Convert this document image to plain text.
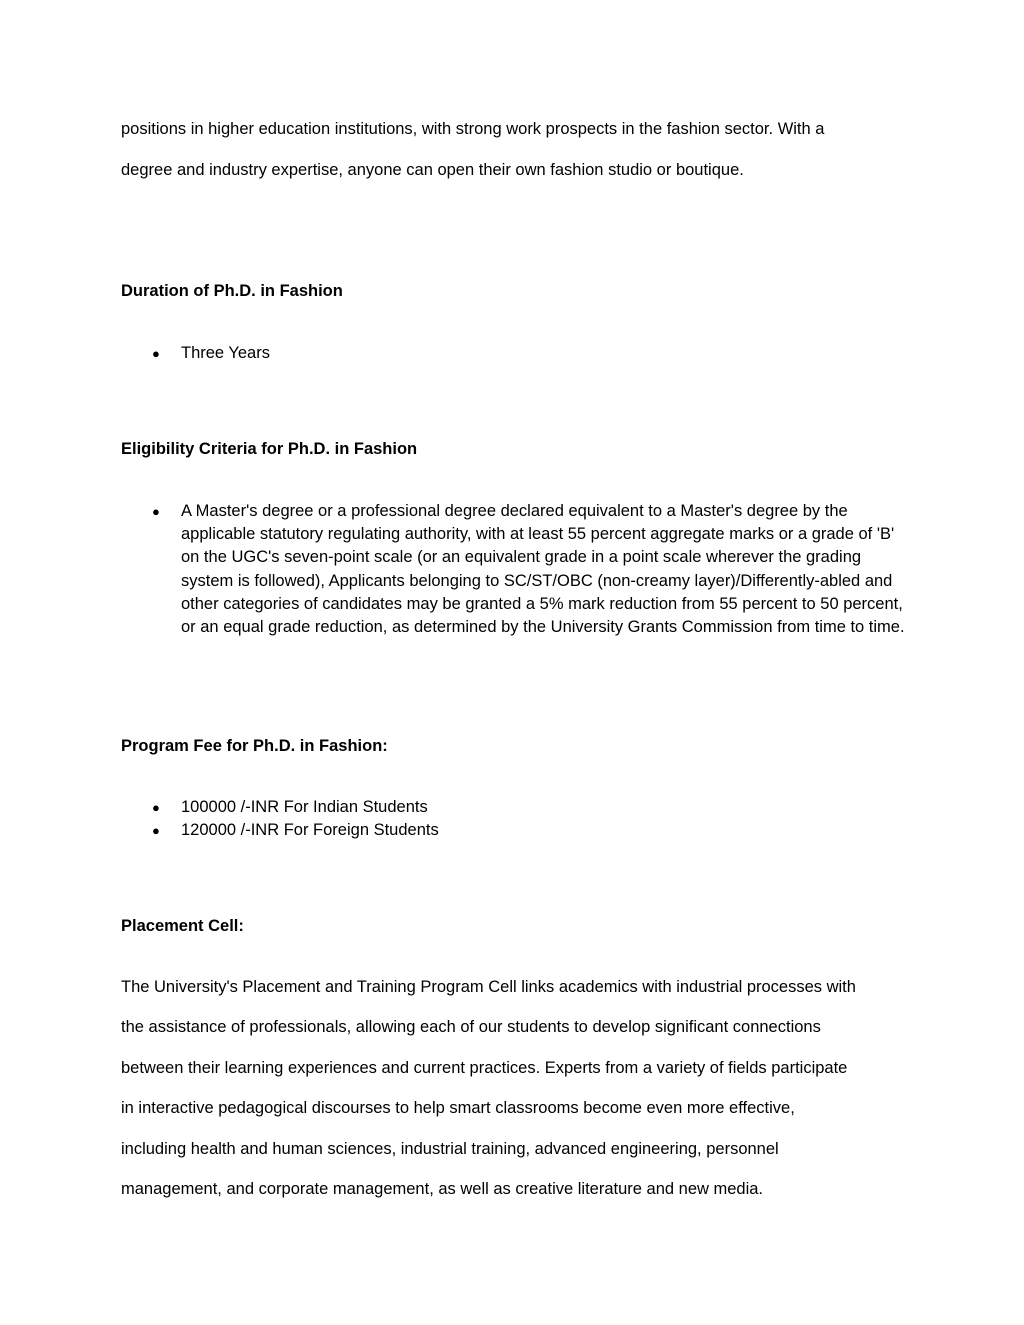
positions in higher education institutions, with strong work prospects in the fashion sector. With a
degree and industry expertise, anyone can open their own fashion studio or boutique.
Duration of Ph.D. in Fashion
● Three Years
Eligibility Criteria for Ph.D. in Fashion
● A Master's degree or a professional degree declared equivalent to a Master's degree by the applicable statutory regulating authority, with at least 55 percent aggregate marks or a grade of 'B' on the UGC's seven-point scale (or an equivalent grade in a point scale wherever the grading system is followed), Applicants belonging to SC/ST/OBC (non-creamy layer)/Differently-abled and other categories of candidates may be granted a 5% mark reduction from 55 percent to 50 percent, or an equal grade reduction, as determined by the University Grants Commission from time to time.
Program Fee for Ph.D. in Fashion:
● 100000 /-INR For Indian Students
● 120000 /-INR For Foreign Students
Placement Cell:
The University's Placement and Training Program Cell links academics with industrial processes with
the assistance of professionals, allowing each of our students to develop significant connections
between their learning experiences and current practices. Experts from a variety of fields participate
in interactive pedagogical discourses to help smart classrooms become even more effective,
including health and human sciences, industrial training, advanced engineering, personnel
management, and corporate management, as well as creative literature and new media.
